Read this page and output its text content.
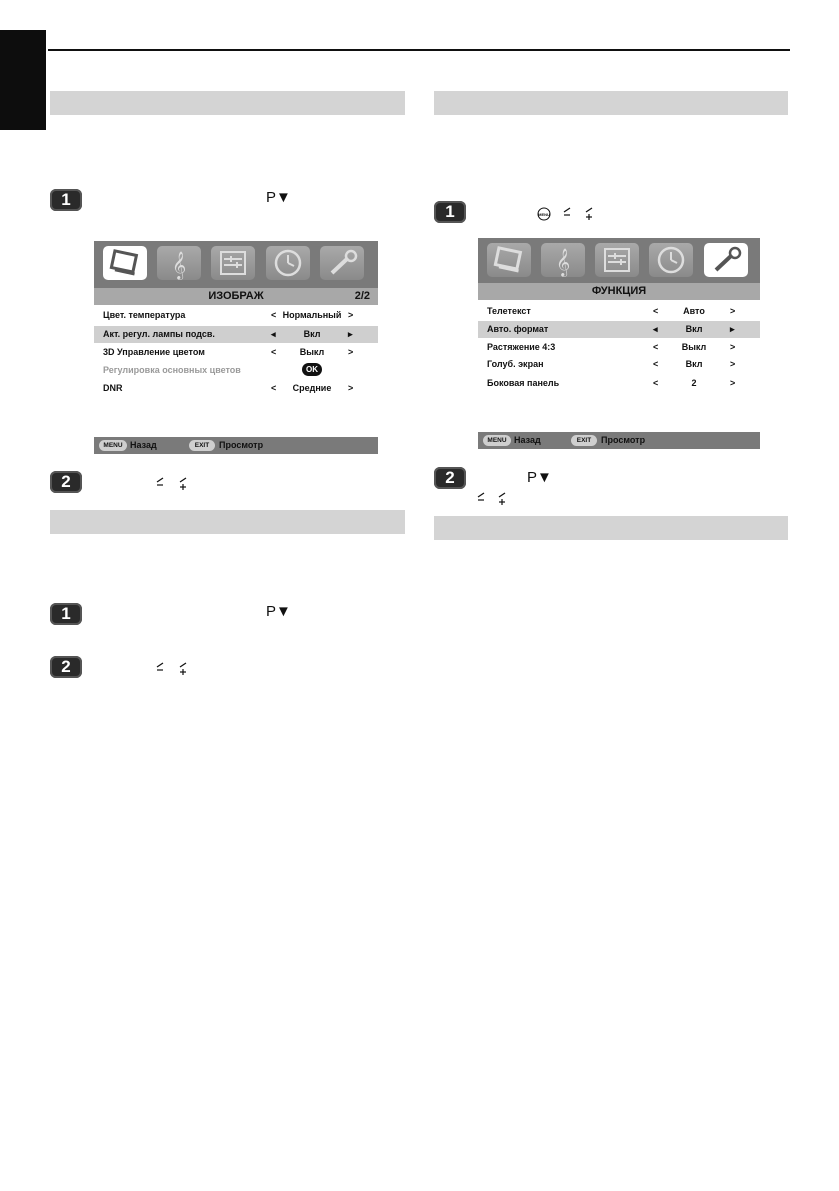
1	P▼
𝄞
ИЗОБРАЖ	2/2
Цвет. температура	< Нормальный >
Акт. регул. лампы подсв.	◂	Вкл	▸
3D Управление цветом	<	Выкл	>
Регулировка основных цветов	OK
DNR	<	Средние	>
MENU Назад	EXIT	Просмотр
2
1	P▼
2
1	MENU
𝄞
ФУНКЦИЯ
Телетекст	<	Авто	>
Авто. формат	◂	Вкл	▸
Растяжение 4:3	<	Выкл	>
Голуб. экран	<	Вкл	>
Боковая панель	<	2	>
MENU Назад	EXIT	Просмотр
2	P▼
